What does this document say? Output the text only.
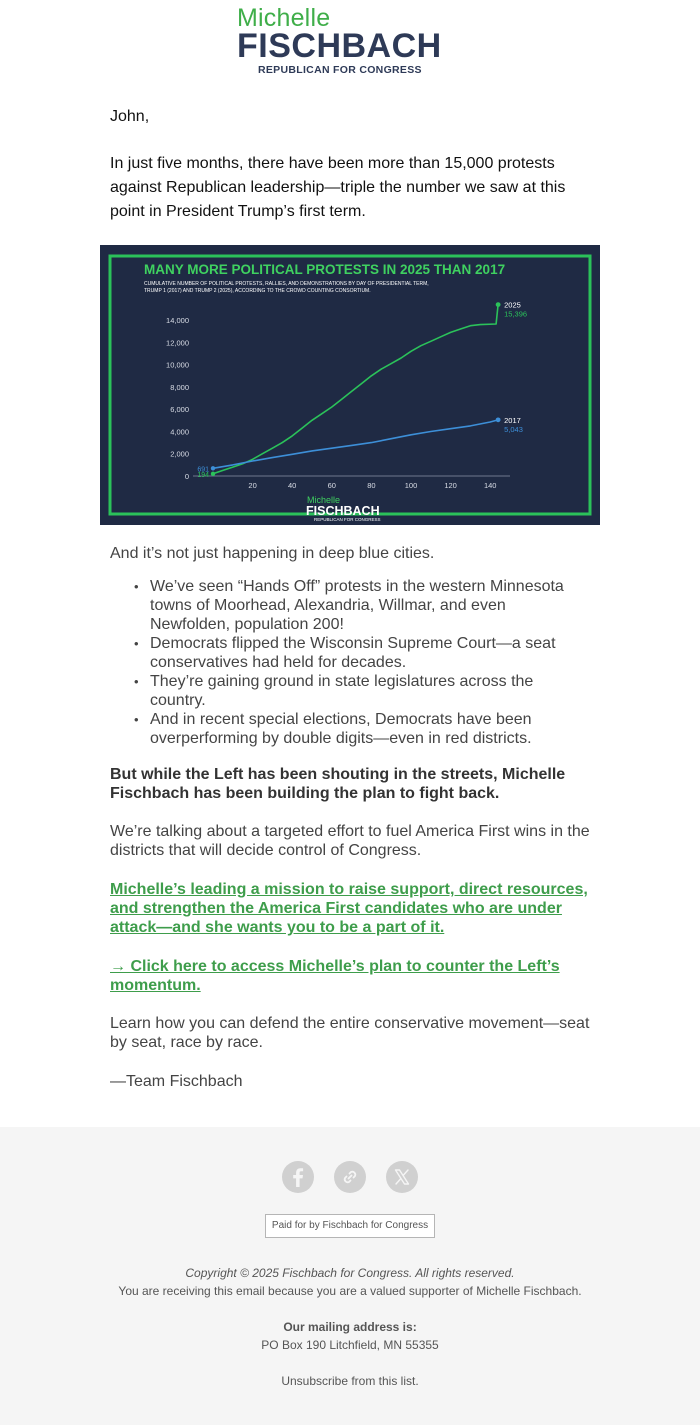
Michelle
FISCHBACH
REPUBLICAN FOR CONGRESS
John,
In just five months, there have been more than 15,000 protests against Republican leadership—triple the number we saw at this point in President Trump’s first term.
MANY MORE POLITICAL PROTESTS IN 2025 THAN 2017
CUMULATIVE NUMBER OF POLITICAL PROTESTS, RALLIES, AND DEMONSTRATIONS BY DAY OF PRESIDENTIAL TERM,
TRUMP 1 (2017) AND TRUMP 2 (2025), ACCORDING TO THE CROWD COUNTING CONSORTIUM.
0
2,000
4,000
6,000
8,000
10,000
12,000
14,000
20	40	60	80	100	120	140
2025
15,396
194
2017
5,043
691
Michelle
FISCHBACH
REPUBLICAN FOR CONGRESS
And it’s not just happening in deep blue cities.
• We’ve seen “Hands Off” protests in the western Minnesota towns of Moorhead, Alexandria, Willmar, and even Newfolden, population 200!
• Democrats flipped the Wisconsin Supreme Court—a seat conservatives had held for decades.
• They’re gaining ground in state legislatures across the country.
• And in recent special elections, Democrats have been overperforming by double digits—even in red districts.
But while the Left has been shouting in the streets, Michelle Fischbach has been building the plan to fight back.
We’re talking about a targeted effort to fuel America First wins in the districts that will decide control of Congress.
Michelle’s leading a mission to raise support, direct resources, and strengthen the America First candidates who are under attack—and she wants you to be a part of it.
→ Click here to access Michelle’s plan to counter the Left’s momentum.
Learn how you can defend the entire conservative movement—seat by seat, race by race.
—Team Fischbach
Paid for by Fischbach for Congress
Copyright © 2025 Fischbach for Congress. All rights reserved.
You are receiving this email because you are a valued supporter of Michelle Fischbach.
Our mailing address is:
PO Box 190 Litchfield, MN 55355
Unsubscribe from this list.
